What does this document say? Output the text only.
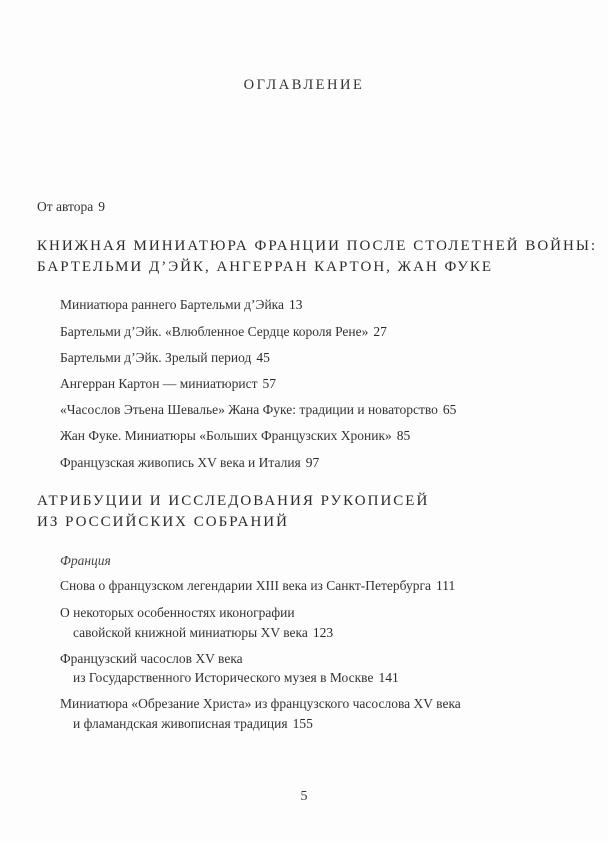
ОГЛАВЛЕНИЕ
От автора 9
КНИЖНАЯ МИНИАТЮРА ФРАНЦИИ ПОСЛЕ СТОЛЕТНЕЙ ВОЙНЫ:
БАРТЕЛЬМИ Д’ЭЙК, АНГЕРРАН КАРТОН, ЖАН ФУКЕ
Миниатюра раннего Бартельми д’Эйка 13
Бартельми д’Эйк. «Влюбленное Сердце короля Рене» 27
Бартельми д’Эйк. Зрелый период 45
Ангерран Картон — миниатюрист 57
«Часослов Этьена Шевалье» Жана Фуке: традиции и новаторство 65
Жан Фуке. Миниатюры «Больших Французских Хроник» 85
Французская живопись XV века и Италия 97
АТРИБУЦИИ И ИССЛЕДОВАНИЯ РУКОПИСЕЙ
ИЗ РОССИЙСКИХ СОБРАНИЙ
Франция
Снова о французском легендарии XIII века из Санкт-Петербурга 111
О некоторых особенностях иконографии
савойской книжной миниатюры XV века 123
Французский часослов XV века
из Государственного Исторического музея в Москве 141
Миниатюра «Обрезание Христа» из французского часослова XV века
и фламандская живописная традиция 155
5
